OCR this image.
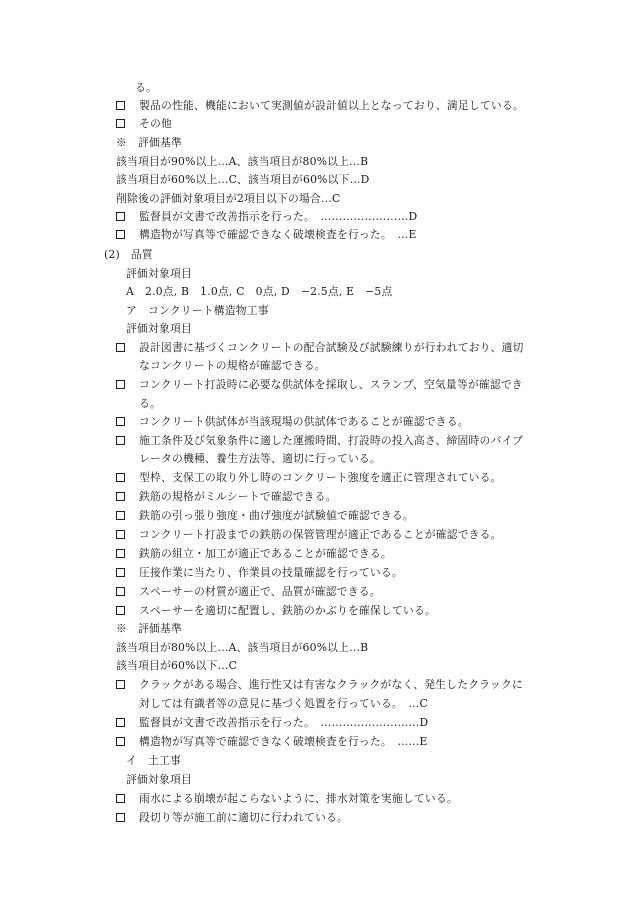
る。
製品の性能、機能において実測値が設計値以上となっており、満足している。
その他
※　評価基準
該当項目が90%以上…A、該当項目が80%以上…B
該当項目が60%以上…C、該当項目が60%以下…D
削除後の評価対象項目が2項目以下の場合…C
監督員が文書で改善指示を行った。　……………………D
構造物が写真等で確認できなく破壊検査を行った。　…E
(2)　品質
評価対象項目
A　2.0点, B　1.0点, C　0点, D　−2.5点, E　−5点
ア　コンクリート構造物工事
評価対象項目
設計図書に基づくコンクリートの配合試験及び試験練りが行われており、適切
なコンクリートの規格が確認できる。
コンクリート打設時に必要な供試体を採取し、スランプ、空気量等が確認でき
る。
コンクリート供試体が当該現場の供試体であることが確認できる。
施工条件及び気象条件に適した運搬時間、打設時の投入高さ、締固時のバイブ
レータの機種、養生方法等、適切に行っている。
型枠、支保工の取り外し時のコンクリート強度を適正に管理されている。
鉄筋の規格がミルシートで確認できる。
鉄筋の引っ張り強度・曲げ強度が試験値で確認できる。
コンクリート打設までの鉄筋の保管管理が適正であることが確認できる。
鉄筋の組立・加工が適正であることが確認できる。
圧接作業に当たり、作業員の技量確認を行っている。
スペーサーの材質が適正で、品質が確認できる。
スペーサーを適切に配置し、鉄筋のかぶりを確保している。
※　評価基準
該当項目が80%以上…A、該当項目が60%以上…B
該当項目が60%以下…C
クラックがある場合、進行性又は有害なクラックがなく、発生したクラックに
対しては有識者等の意見に基づく処置を行っている。　…C
監督員が文書で改善指示を行った。　………………………D
構造物が写真等で確認できなく破壊検査を行った。　……E
イ　土工事
評価対象項目
雨水による崩壊が起こらないように、排水対策を実施している。
段切り等が施工前に適切に行われている。
